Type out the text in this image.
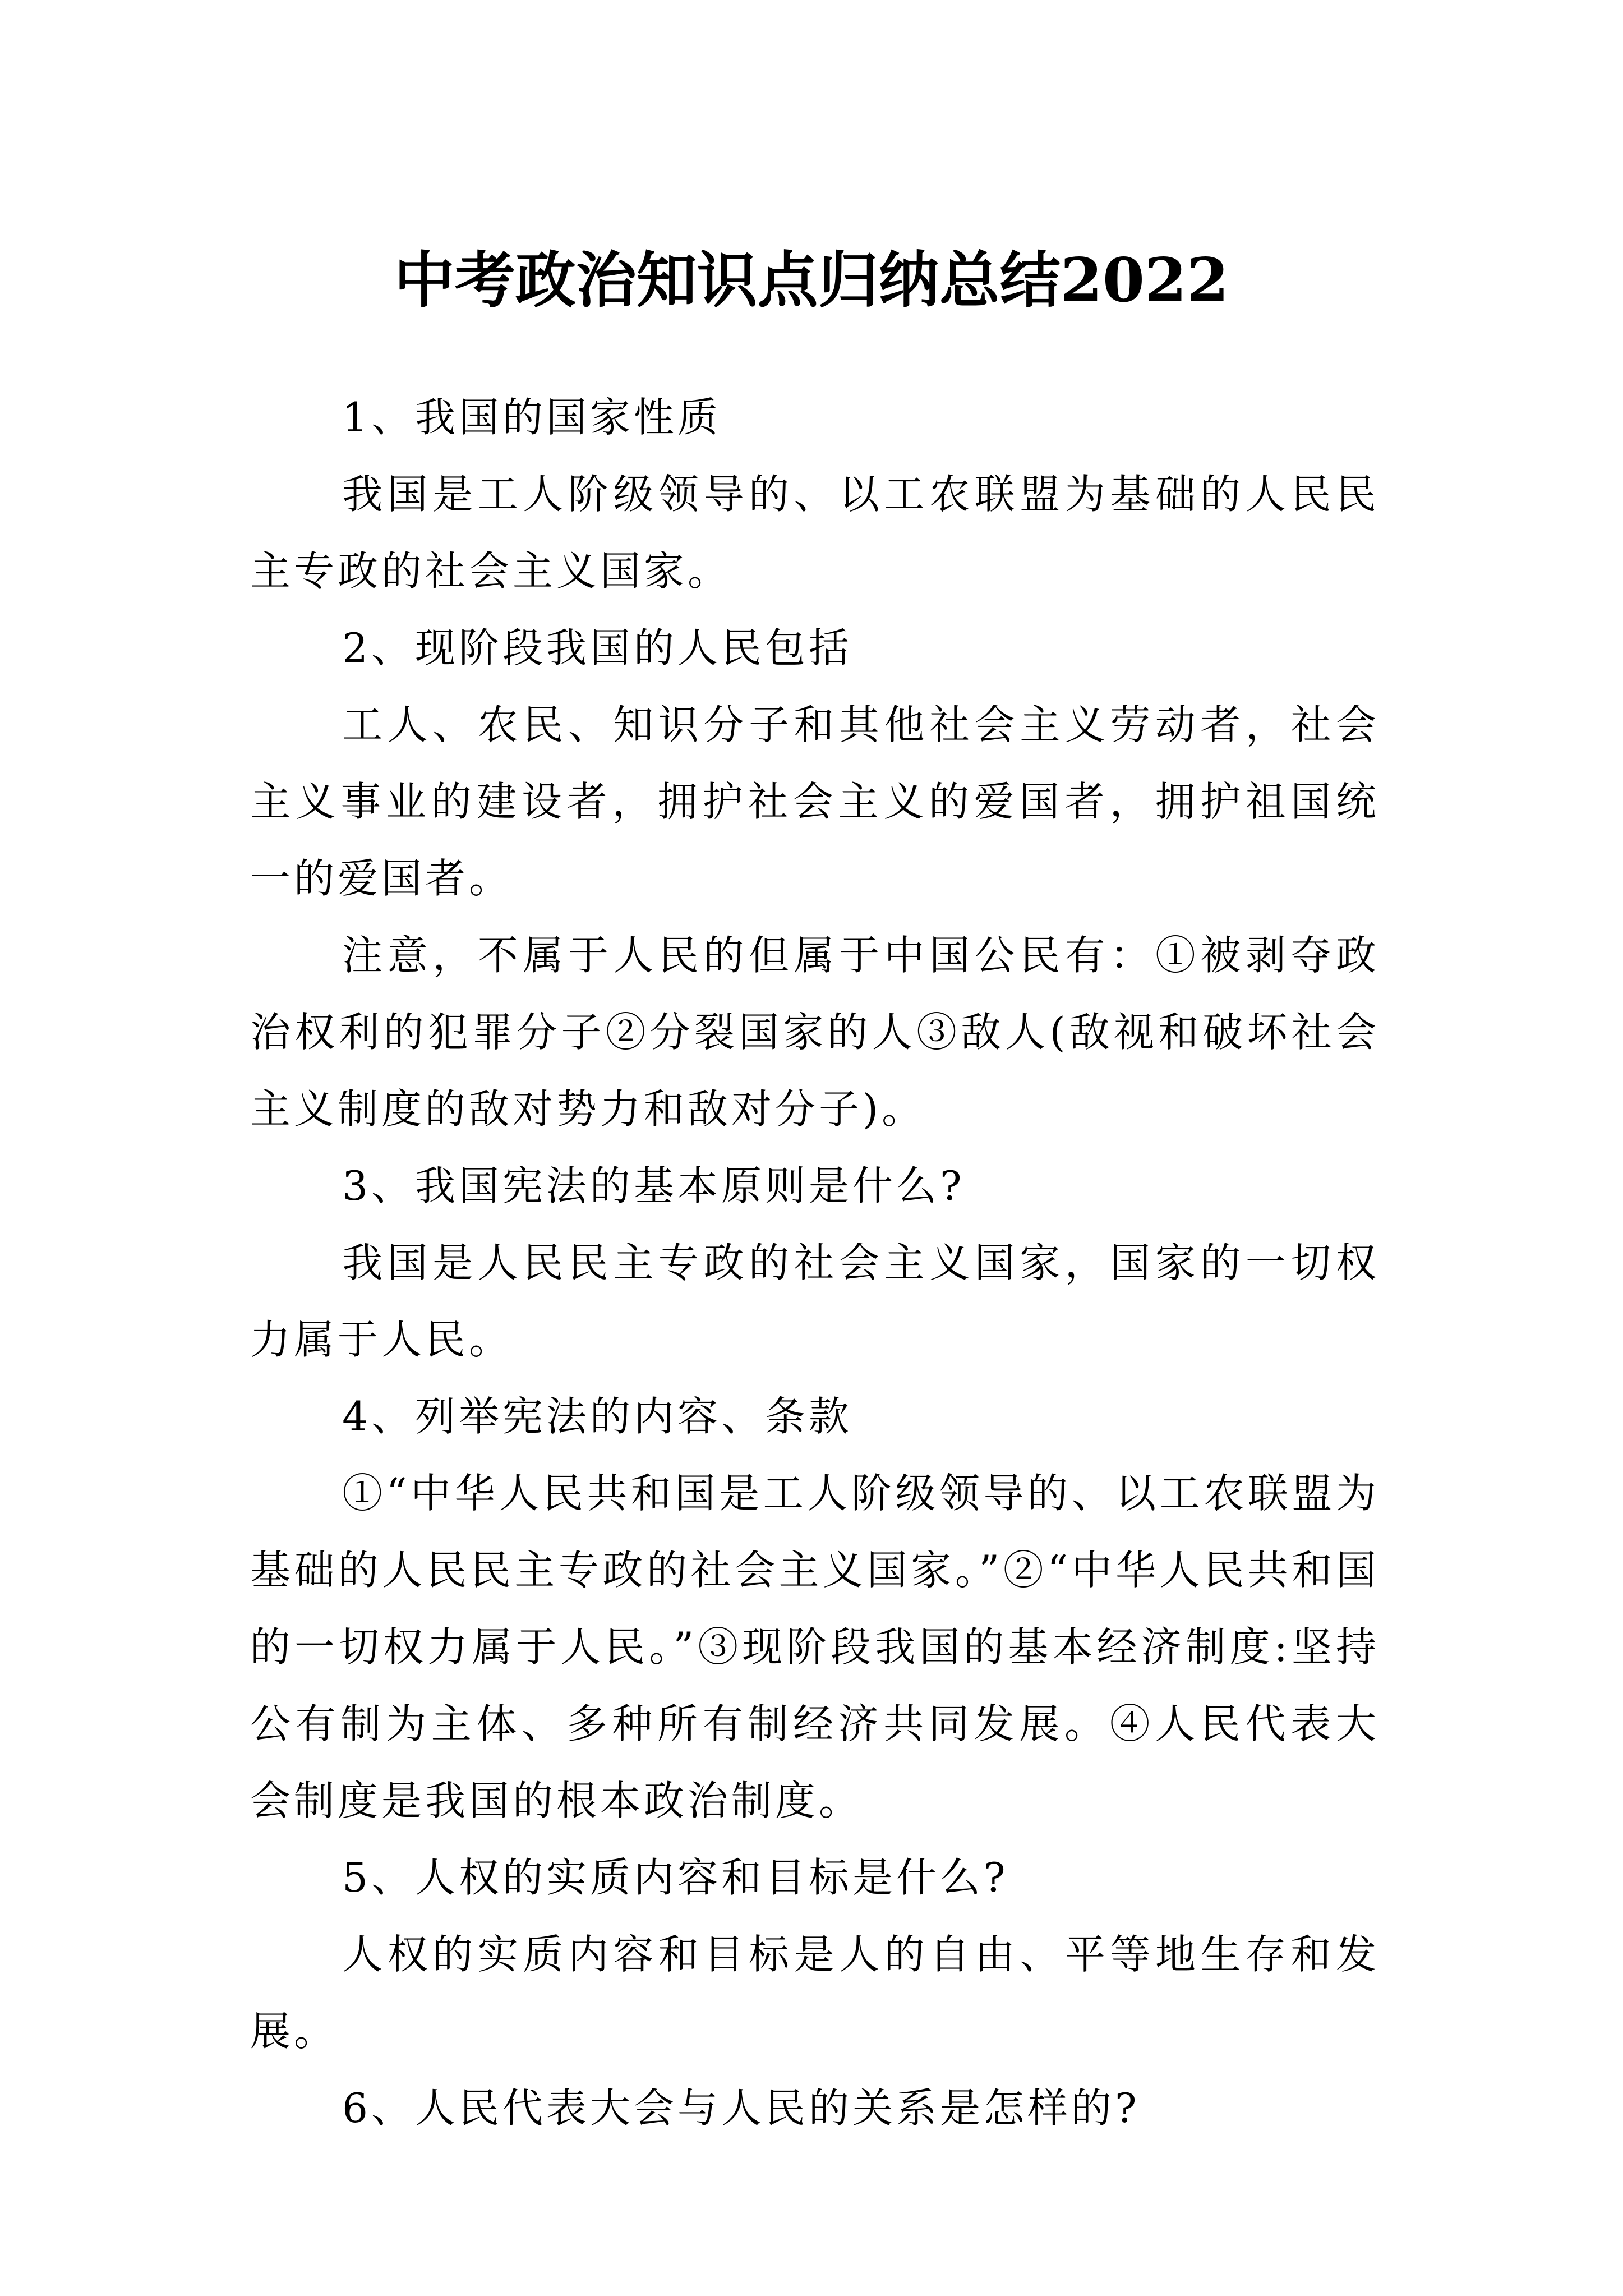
中考政治知识点归纳总结2022

1、我国的国家性质

我国是工人阶级领导的、以工农联盟为基础的人民民主专政的社会主义国家。

2、现阶段我国的人民包括

工人、农民、知识分子和其他社会主义劳动者，社会主义事业的建设者，拥护社会主义的爱国者，拥护祖国统一的爱国者。

注意，不属于人民的但属于中国公民有：①被剥夺政治权利的犯罪分子②分裂国家的人③敌人(敌视和破坏社会主义制度的敌对势力和敌对分子)。

3、我国宪法的基本原则是什么?

我国是人民民主专政的社会主义国家，国家的一切权力属于人民。

4、列举宪法的内容、条款

①“中华人民共和国是工人阶级领导的、以工农联盟为基础的人民民主专政的社会主义国家。”②“中华人民共和国的一切权力属于人民。”③现阶段我国的基本经济制度:坚持公有制为主体、多种所有制经济共同发展。④人民代表大会制度是我国的根本政治制度。

5、人权的实质内容和目标是什么?

人权的实质内容和目标是人的自由、平等地生存和发展。

6、人民代表大会与人民的关系是怎样的?
